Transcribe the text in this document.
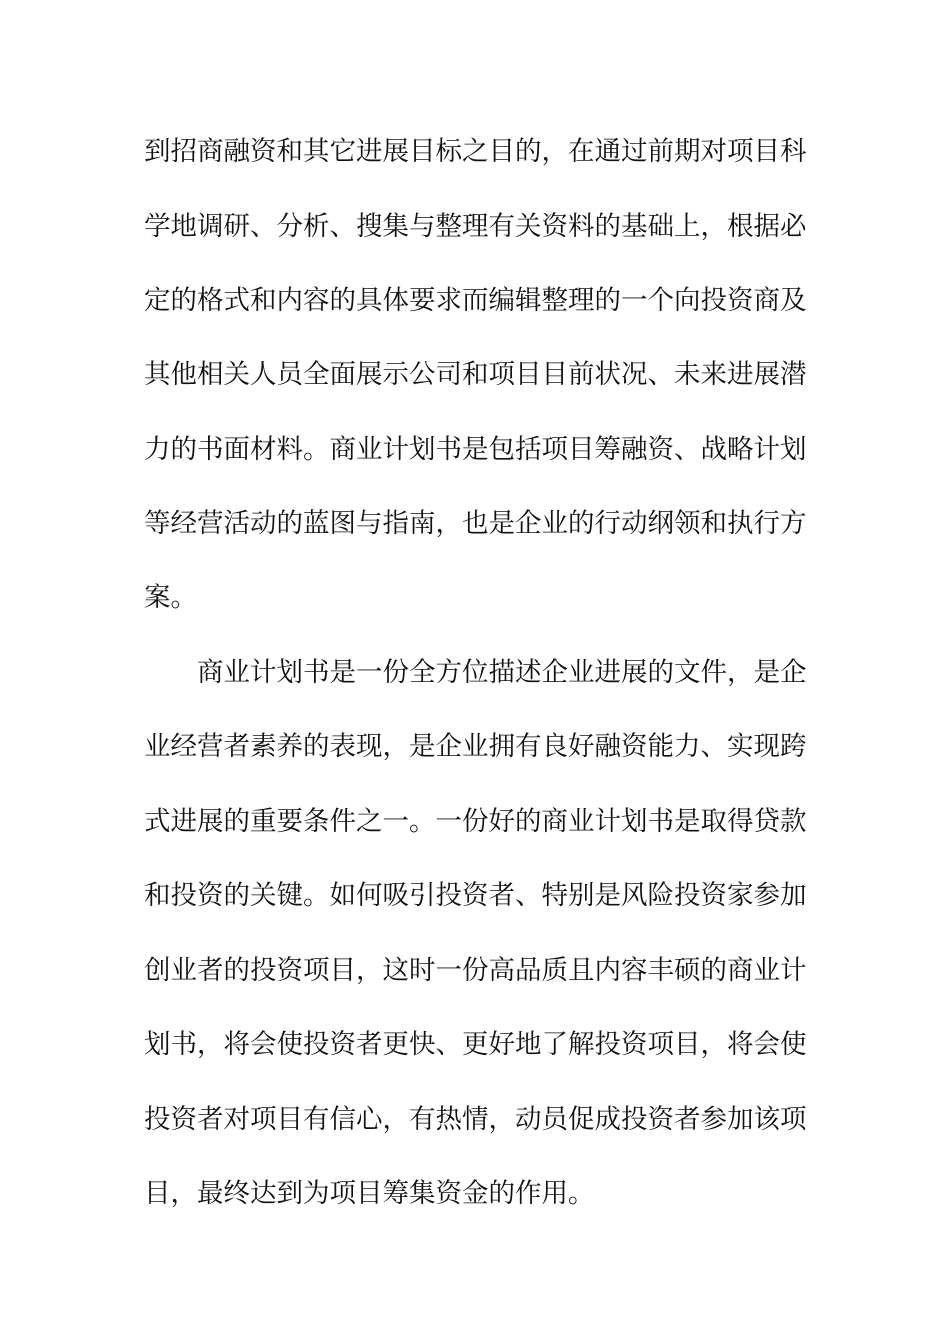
到招商融资和其它进展目标之目的，在通过前期对项目科
学地调研、分析、搜集与整理有关资料的基础上，根据必
定的格式和内容的具体要求而编辑整理的一个向投资商及
其他相关人员全面展示公司和项目目前状况、未来进展潜
力的书面材料。商业计划书是包括项目筹融资、战略计划
等经营活动的蓝图与指南，也是企业的行动纲领和执行方
案。
商业计划书是一份全方位描述企业进展的文件，是企
业经营者素养的表现，是企业拥有良好融资能力、实现跨
式进展的重要条件之一。一份好的商业计划书是取得贷款
和投资的关键。如何吸引投资者、特别是风险投资家参加
创业者的投资项目，这时一份高品质且内容丰硕的商业计
划书，将会使投资者更快、更好地了解投资项目，将会使
投资者对项目有信心，有热情，动员促成投资者参加该项
目，最终达到为项目筹集资金的作用。
